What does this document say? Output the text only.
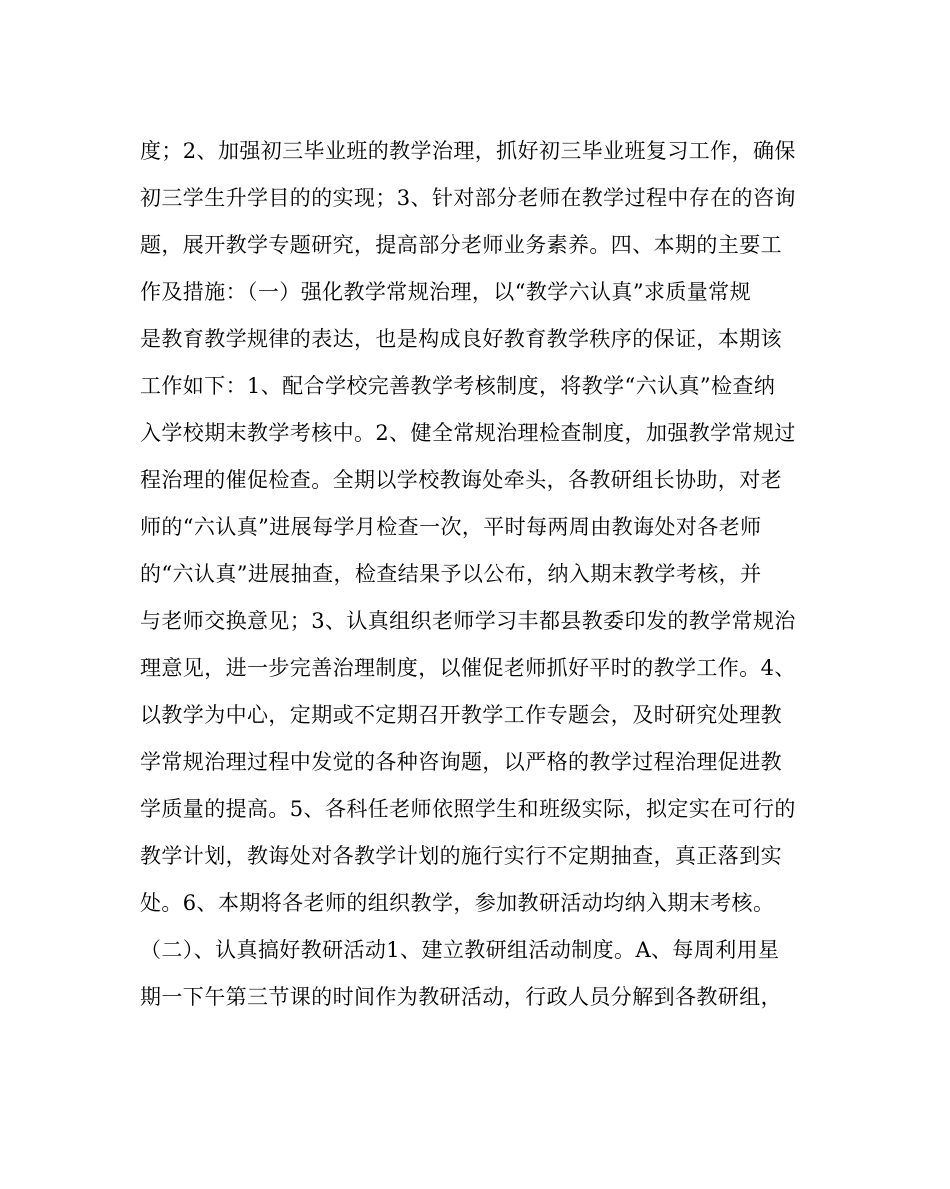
度；2、加强初三毕业班的教学治理，抓好初三毕业班复习工作，确保
初三学生升学目的的实现；3、针对部分老师在教学过程中存在的咨询
题，展开教学专题研究，提高部分老师业务素养。四、本期的主要工
作及措施：（一）强化教学常规治理，以“教学六认真”求质量常规
是教育教学规律的表达，也是构成良好教育教学秩序的保证，本期该
工作如下：1、配合学校完善教学考核制度，将教学“六认真”检查纳
入学校期末教学考核中。2、健全常规治理检查制度，加强教学常规过
程治理的催促检查。全期以学校教诲处牵头，各教研组长协助，对老
师的“六认真”进展每学月检查一次，平时每两周由教诲处对各老师
的“六认真”进展抽查，检查结果予以公布，纳入期末教学考核，并
与老师交换意见；3、认真组织老师学习丰都县教委印发的教学常规治
理意见，进一步完善治理制度，以催促老师抓好平时的教学工作。4、
以教学为中心，定期或不定期召开教学工作专题会，及时研究处理教
学常规治理过程中发觉的各种咨询题，以严格的教学过程治理促进教
学质量的提高。5、各科任老师依照学生和班级实际，拟定实在可行的
教学计划，教诲处对各教学计划的施行实行不定期抽查，真正落到实
处。6、本期将各老师的组织教学，参加教研活动均纳入期末考核。
（二）、认真搞好教研活动1、建立教研组活动制度。A、每周利用星
期一下午第三节课的时间作为教研活动，行政人员分解到各教研组，
